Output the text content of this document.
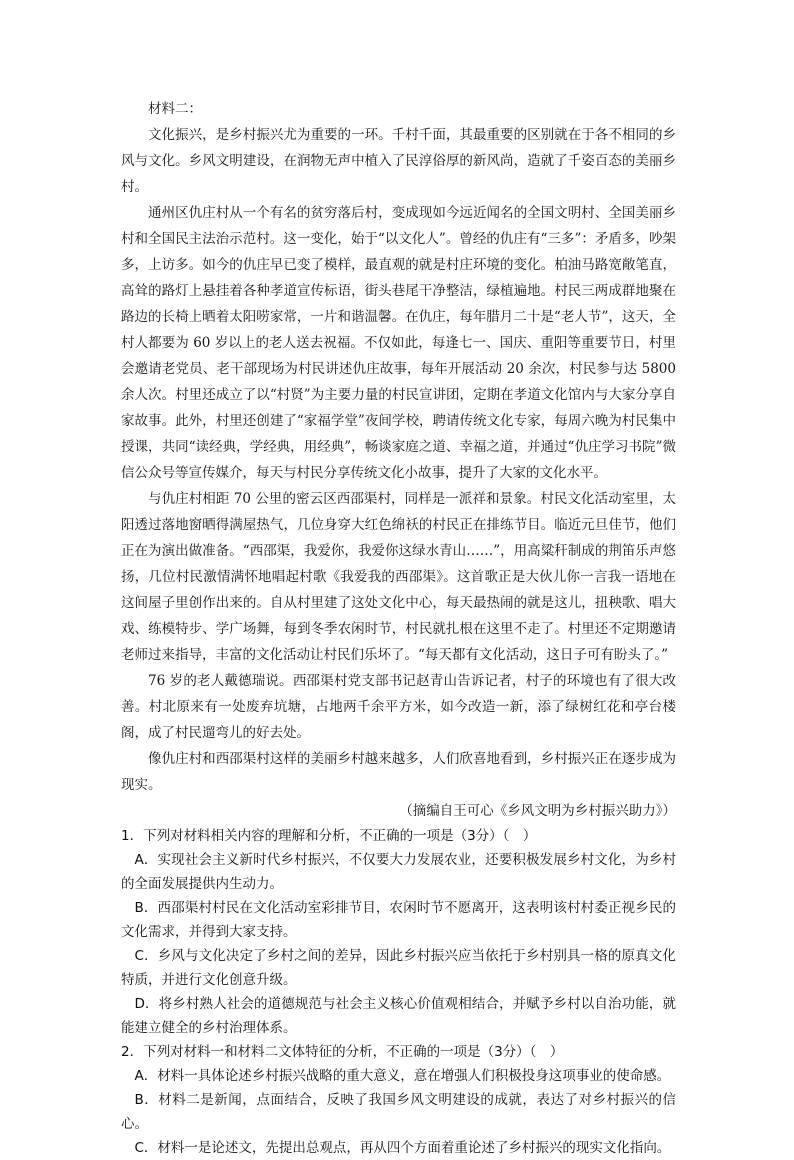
材料二：

文化振兴，是乡村振兴尤为重要的一环。千村千面，其最重要的区别就在于各不相同的乡风与文化。乡风文明建设，在润物无声中植入了民淳俗厚的新风尚，造就了千姿百态的美丽乡村。

通州区仇庄村从一个有名的贫穷落后村，变成现如今远近闻名的全国文明村、全国美丽乡村和全国民主法治示范村。这一变化，始于“以文化人”。曾经的仇庄有“三多”：矛盾多，吵架多，上访多。如今的仇庄早已变了模样，最直观的就是村庄环境的变化。柏油马路宽敞笔直，高耸的路灯上悬挂着各种孝道宣传标语，街头巷尾干净整洁，绿植遍地。村民三两成群地聚在路边的长椅上晒着太阳唠家常，一片和谐温馨。在仇庄，每年腊月二十是“老人节”，这天，全村人都要为 60 岁以上的老人送去祝福。不仅如此，每逢七一、国庆、重阳等重要节日，村里会邀请老党员、老干部现场为村民讲述仇庄故事，每年开展活动 20 余次，村民参与达 5800 余人次。村里还成立了以“村贤”为主要力量的村民宣讲团，定期在孝道文化馆内与大家分享自家故事。此外，村里还创建了“家福学堂”夜间学校，聘请传统文化专家，每周六晚为村民集中授课，共同“读经典，学经典，用经典”，畅谈家庭之道、幸福之道，并通过“仇庄学习书院”微信公众号等宣传媒介，每天与村民分享传统文化小故事，提升了大家的文化水平。

与仇庄村相距 70 公里的密云区西邵渠村，同样是一派祥和景象。村民文化活动室里，太阳透过落地窗晒得满屋热气，几位身穿大红色绵袄的村民正在排练节目。临近元旦佳节，他们正在为演出做准备。“西邵渠，我爱你，我爱你这绿水青山……”，用高粱秆制成的荆笛乐声悠扬，几位村民激情满怀地唱起村歌《我爱我的西邵渠》。这首歌正是大伙儿你一言我一语地在这间屋子里创作出来的。自从村里建了这处文化中心，每天最热闹的就是这儿，扭秧歌、唱大戏、练模特步、学广场舞，每到冬季农闲时节，村民就扎根在这里不走了。村里还不定期邀请老师过来指导，丰富的文化活动让村民们乐坏了。“每天都有文化活动，这日子可有盼头了。”

76 岁的老人戴德瑞说。西邵渠村党支部书记赵青山告诉记者，村子的环境也有了很大改善。村北原来有一处废弃坑塘，占地两千余平方米，如今改造一新，添了绿树红花和亭台楼阁，成了村民遛弯儿的好去处。

像仇庄村和西邵渠村这样的美丽乡村越来越多，人们欣喜地看到，乡村振兴正在逐步成为现实。

（摘编自王可心《乡风文明为乡村振兴助力》）

1．下列对材料相关内容的理解和分析，不正确的一项是（3分）（　）

A．实现社会主义新时代乡村振兴，不仅要大力发展农业，还要积极发展乡村文化，为乡村的全面发展提供内生动力。

B．西邵渠村村民在文化活动室彩排节目，农闲时节不愿离开，这表明该村村委正视乡民的文化需求，并得到大家支持。

C．乡风与文化决定了乡村之间的差异，因此乡村振兴应当依托于乡村别具一格的原真文化特质，并进行文化创意升级。

D．将乡村熟人社会的道德规范与社会主义核心价值观相结合，并赋予乡村以自治功能，就能建立健全的乡村治理体系。

2．下列对材料一和材料二文体特征的分析，不正确的一项是（3分）（　）

A．材料一具体论述乡村振兴战略的重大意义，意在增强人们积极投身这项事业的使命感。

B．材料二是新闻，点面结合，反映了我国乡风文明建设的成就，表达了对乡村振兴的信心。

C．材料一是论述文，先提出总观点，再从四个方面着重论述了乡村振兴的现实文化指向。
